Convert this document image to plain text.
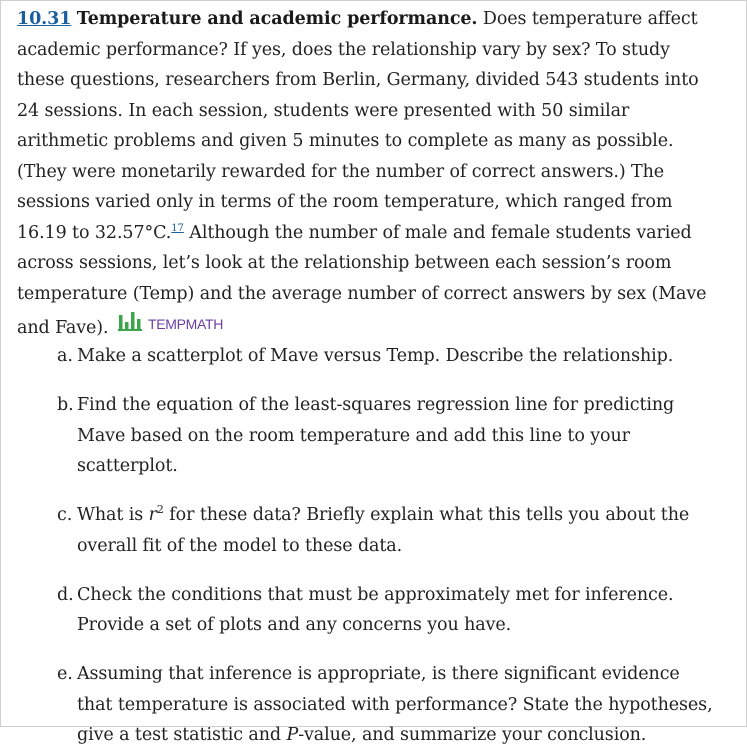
10.31 Temperature and academic performance. Does temperature affect academic performance? If yes, does the relationship vary by sex? To study these questions, researchers from Berlin, Germany, divided 543 students into 24 sessions. In each session, students were presented with 50 similar arithmetic problems and given 5 minutes to complete as many as possible. (They were monetarily rewarded for the number of correct answers.) The sessions varied only in terms of the room temperature, which ranged from 16.19 to 32.57°C.$^{17}$ Although the number of male and female students varied across sessions, let’s look at the relationship between each session’s room temperature (Temp) and the average number of correct answers by sex (Mave and Fave).	TEMPMATH
a. Make a scatterplot of Mave versus Temp. Describe the relationship.
b. Find the equation of the least-squares regression line for predicting Mave based on the room temperature and add this line to your scatterplot.
c. What is $r^2$ for these data? Briefly explain what this tells you about the overall fit of the model to these data.
d. Check the conditions that must be approximately met for inference. Provide a set of plots and any concerns you have.
e. Assuming that inference is appropriate, is there significant evidence that temperature is associated with performance? State the hypotheses, give a test statistic and P-value, and summarize your conclusion.
